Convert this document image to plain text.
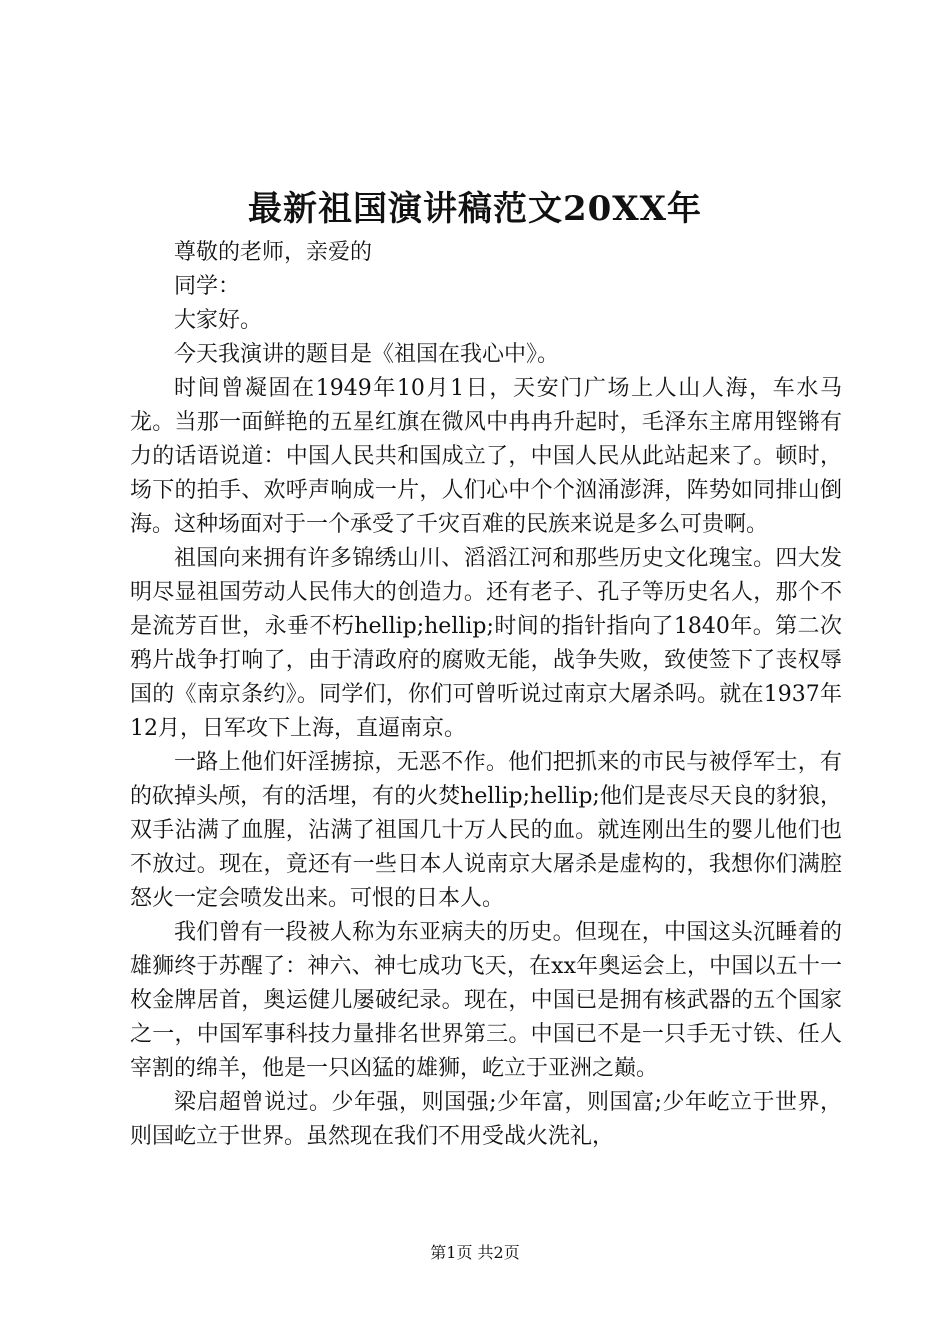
最新祖国演讲稿范文20XX年

尊敬的老师，亲爱的

同学：

大家好。

今天我演讲的题目是《祖国在我心中》。

时间曾凝固在1949年10月1日，天安门广场上人山人海，车水马龙。当那一面鲜艳的五星红旗在微风中冉冉升起时，毛泽东主席用铿锵有力的话语说道：中国人民共和国成立了，中国人民从此站起来了。顿时，场下的拍手、欢呼声响成一片，人们心中个个汹涌澎湃，阵势如同排山倒海。这种场面对于一个承受了千灾百难的民族来说是多么可贵啊。

祖国向来拥有许多锦绣山川、滔滔江河和那些历史文化瑰宝。四大发明尽显祖国劳动人民伟大的创造力。还有老子、孔子等历史名人，那个不是流芳百世，永垂不朽hellip;hellip;时间的指针指向了1840年。第二次鸦片战争打响了，由于清政府的腐败无能，战争失败，致使签下了丧权辱国的《南京条约》。同学们，你们可曾听说过南京大屠杀吗。就在1937年12月，日军攻下上海，直逼南京。

一路上他们奸淫掳掠，无恶不作。他们把抓来的市民与被俘军士，有的砍掉头颅，有的活埋，有的火焚hellip;hellip;他们是丧尽天良的豺狼，双手沾满了血腥，沾满了祖国几十万人民的血。就连刚出生的婴儿他们也不放过。现在，竟还有一些日本人说南京大屠杀是虚构的，我想你们满腔怒火一定会喷发出来。可恨的日本人。

我们曾有一段被人称为东亚病夫的历史。但现在，中国这头沉睡着的雄狮终于苏醒了：神六、神七成功飞天，在xx年奥运会上，中国以五十一枚金牌居首，奥运健儿屡破纪录。现在，中国已是拥有核武器的五个国家之一，中国军事科技力量排名世界第三。中国已不是一只手无寸铁、任人宰割的绵羊，他是一只凶猛的雄狮，屹立于亚洲之巅。

梁启超曾说过。少年强，则国强;少年富，则国富;少年屹立于世界，则国屹立于世界。虽然现在我们不用受战火洗礼，

第1页 共2页
